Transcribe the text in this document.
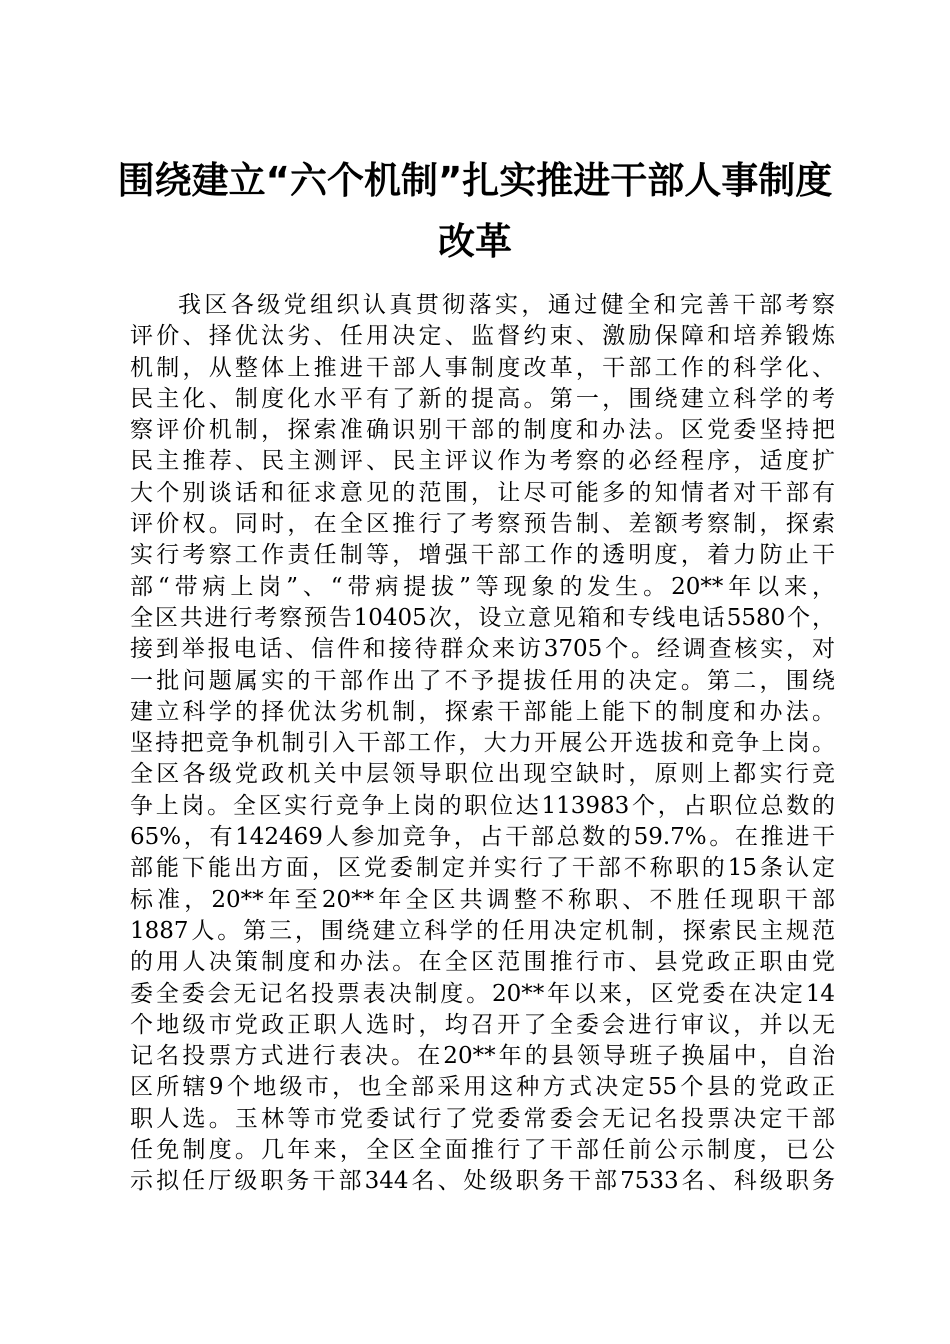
围绕建立“六个机制”扎实推进干部人事制度
改革
我区各级党组织认真贯彻落实，通过健全和完善干部考察
评价、择优汰劣、任用决定、监督约束、激励保障和培养锻炼
机制，从整体上推进干部人事制度改革，干部工作的科学化、
民主化、制度化水平有了新的提高。第一，围绕建立科学的考
察评价机制，探索准确识别干部的制度和办法。区党委坚持把
民主推荐、民主测评、民主评议作为考察的必经程序，适度扩
大个别谈话和征求意见的范围，让尽可能多的知情者对干部有
评价权。同时，在全区推行了考察预告制、差额考察制，探索
实行考察工作责任制等，增强干部工作的透明度，着力防止干
部“带病上岗”、“带病提拔”等现象的发生。20**年以来，
全区共进行考察预告10405次，设立意见箱和专线电话5580个，
接到举报电话、信件和接待群众来访3705个。经调查核实，对
一批问题属实的干部作出了不予提拔任用的决定。第二，围绕
建立科学的择优汰劣机制，探索干部能上能下的制度和办法。
坚持把竞争机制引入干部工作，大力开展公开选拔和竞争上岗。
全区各级党政机关中层领导职位出现空缺时，原则上都实行竞
争上岗。全区实行竞争上岗的职位达113983个，占职位总数的
65%，有142469人参加竞争，占干部总数的59.7%。在推进干
部能下能出方面，区党委制定并实行了干部不称职的15条认定
标准，20**年至20**年全区共调整不称职、不胜任现职干部
1887人。第三，围绕建立科学的任用决定机制，探索民主规范
的用人决策制度和办法。在全区范围推行市、县党政正职由党
委全委会无记名投票表决制度。20**年以来，区党委在决定14
个地级市党政正职人选时，均召开了全委会进行审议，并以无
记名投票方式进行表决。在20**年的县领导班子换届中，自治
区所辖9个地级市，也全部采用这种方式决定55个县的党政正
职人选。玉林等市党委试行了党委常委会无记名投票决定干部
任免制度。几年来，全区全面推行了干部任前公示制度，已公
示拟任厅级职务干部344名、处级职务干部7533名、科级职务
